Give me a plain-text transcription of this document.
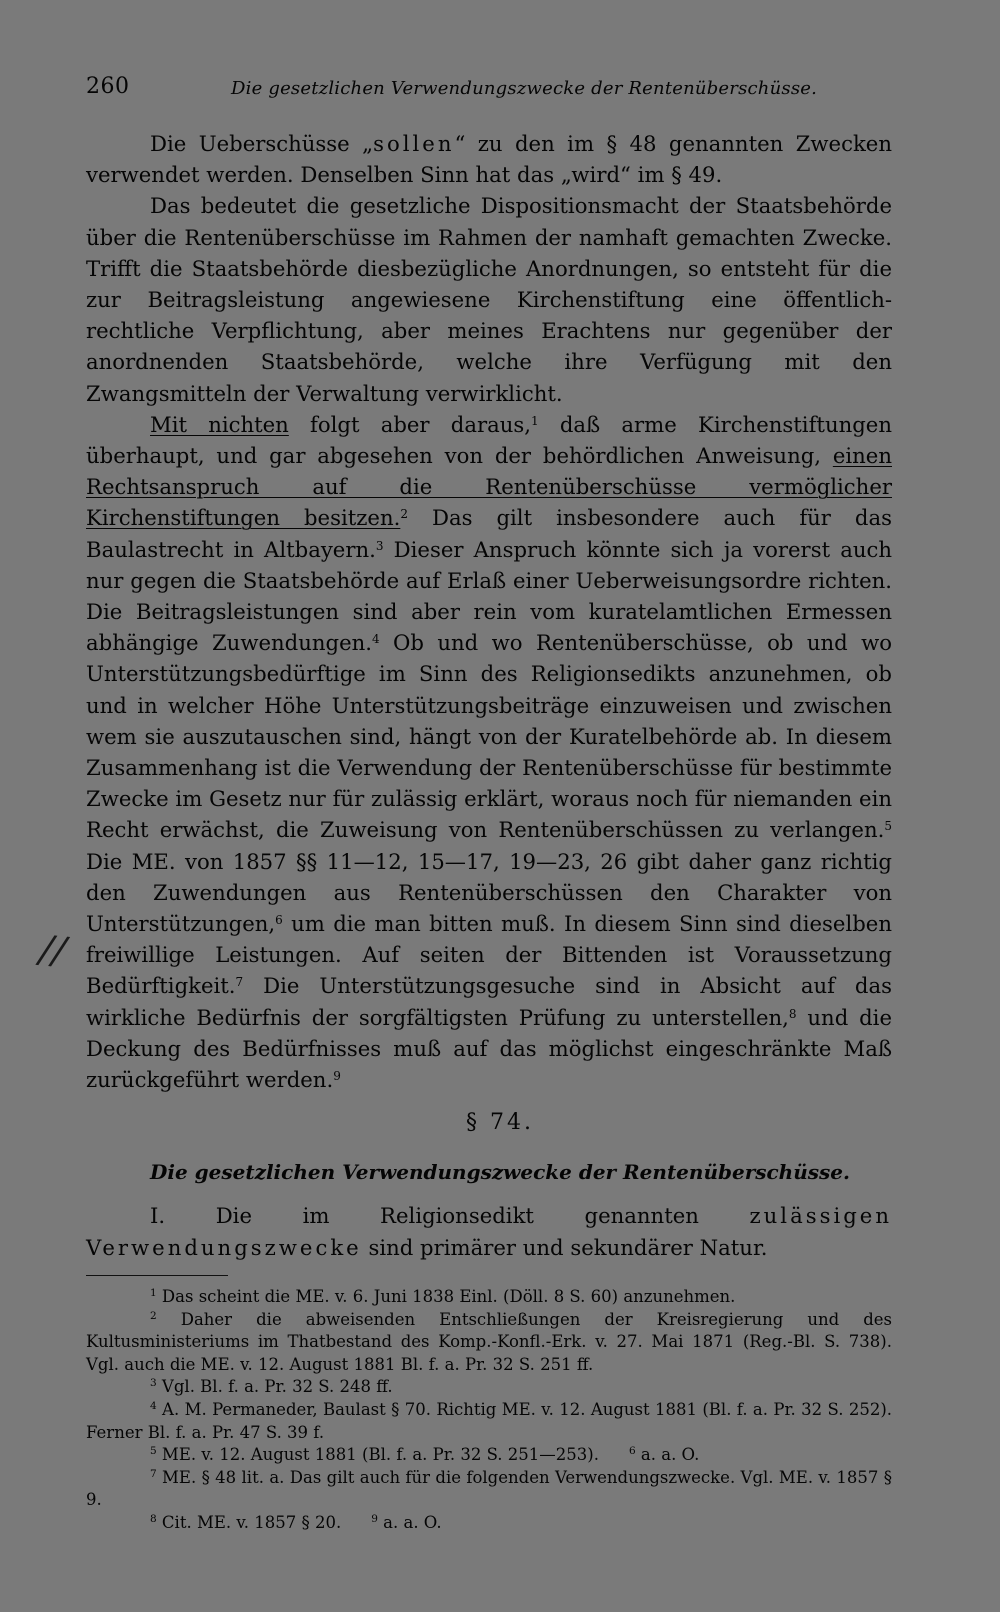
260	Die gesetzlichen Verwendungszwecke der Rentenüberschüsse.

Die Ueberschüsse „sollen“ zu den im § 48 genannten Zwecken verwendet werden. Denselben Sinn hat das „wird“ im § 49.

Das bedeutet die gesetzliche Dispositionsmacht der Staatsbehörde über die Rentenüberschüsse im Rahmen der namhaft gemachten Zwecke. Trifft die Staatsbehörde diesbezügliche Anordnungen, so entsteht für die zur Beitragsleistung angewiesene Kirchenstiftung eine öffentlich-rechtliche Verpflichtung, aber meines Erachtens nur gegenüber der anordnenden Staatsbehörde, welche ihre Verfügung mit den Zwangsmitteln der Verwaltung verwirklicht.

Mit nichten folgt aber daraus,$^1$ daß arme Kirchenstiftungen überhaupt, und gar abgesehen von der behördlichen Anweisung, einen Rechtsanspruch auf die Rentenüberschüsse vermöglicher Kirchenstiftungen besitzen.$^2$ Das gilt insbesondere auch für das Baulastrecht in Altbayern.$^3$ Dieser Anspruch könnte sich ja vorerst auch nur gegen die Staatsbehörde auf Erlaß einer Ueberweisungsordre richten. Die Beitragsleistungen sind aber rein vom kuratelamtlichen Ermessen abhängige Zuwendungen.$^4$ Ob und wo Rentenüberschüsse, ob und wo Unterstützungsbedürftige im Sinn des Religionsedikts anzunehmen, ob und in welcher Höhe Unterstützungsbeiträge einzuweisen und zwischen wem sie auszutauschen sind, hängt von der Kuratelbehörde ab. In diesem Zusammenhang ist die Verwendung der Rentenüberschüsse für bestimmte Zwecke im Gesetz nur für zulässig erklärt, woraus noch für niemanden ein Recht erwächst, die Zuweisung von Rentenüberschüssen zu verlangen.$^5$ Die ME. von 1857 §§ 11—12, 15—17, 19—23, 26 gibt daher ganz richtig den Zuwendungen aus Rentenüberschüssen den Charakter von Unterstützungen,$^6$ um die man bitten muß. In diesem Sinn sind dieselben freiwillige Leistungen. Auf seiten der Bittenden ist Voraussetzung Bedürftigkeit.$^7$ Die Unterstützungsgesuche sind in Absicht auf das wirkliche Bedürfnis der sorgfältigsten Prüfung zu unterstellen,$^8$ und die Deckung des Bedürfnisses muß auf das möglichst eingeschränkte Maß zurückgeführt werden.$^9$

§ 74.
Die gesetzlichen Verwendungszwecke der Rentenüberschüsse.

I. Die im Religionsedikt genannten zulässigen Verwendungszwecke sind primärer und sekundärer Natur.

$^1$ Das scheint die ME. v. 6. Juni 1838 Einl. (Döll. 8 S. 60) anzunehmen.

$^2$ Daher die abweisenden Entschließungen der Kreisregierung und des Kultusministeriums im Thatbestand des Komp.-Konfl.-Erk. v. 27. Mai 1871 (Reg.-Bl. S. 738). Vgl. auch die ME. v. 12. August 1881 Bl. f. a. Pr. 32 S. 251 ff.

$^3$ Vgl. Bl. f. a. Pr. 32 S. 248 ff.

$^4$ A. M. Permaneder, Baulast § 70. Richtig ME. v. 12. August 1881 (Bl. f. a. Pr. 32 S. 252). Ferner Bl. f. a. Pr. 47 S. 39 f.

$^5$ ME. v. 12. August 1881 (Bl. f. a. Pr. 32 S. 251—253).	$^6$ a. a. O.

$^7$ ME. § 48 lit. a. Das gilt auch für die folgenden Verwendungszwecke. Vgl. ME. v. 1857 § 9.

$^8$ Cit. ME. v. 1857 § 20.	$^9$ a. a. O.

//
